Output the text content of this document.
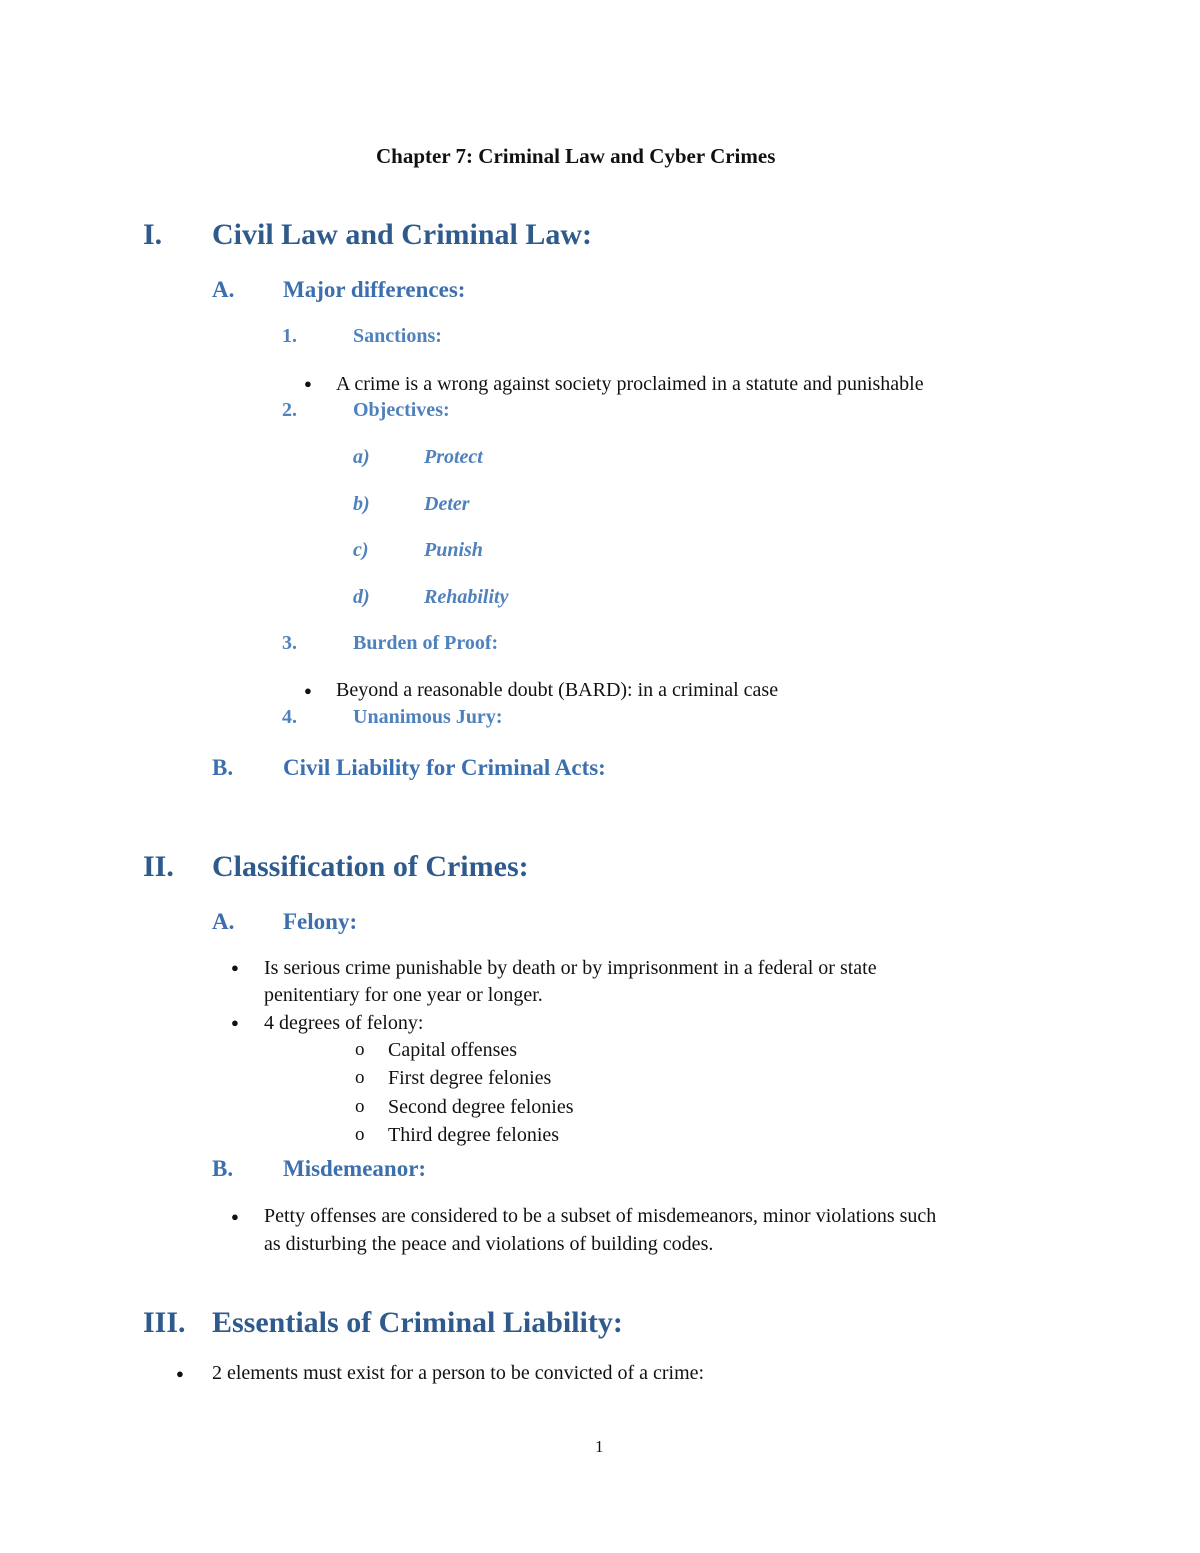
Chapter 7: Criminal Law and Cyber Crimes
I. Civil Law and Criminal Law:
A. Major differences:
1.	Sanctions:
● A crime is a wrong against society proclaimed in a statute and punishable
2.	Objectives:
a)	Protect
b)	Deter
c)	Punish
d)	Rehability
3.	Burden of Proof:
● Beyond a reasonable doubt (BARD): in a criminal case
4.	Unanimous Jury:
B. Civil Liability for Criminal Acts:
II. Classification of Crimes:
A. Felony:
● Is serious crime punishable by death or by imprisonment in a federal or state
penitentiary for one year or longer.
● 4 degrees of felony:
o Capital offenses
o First degree felonies
o Second degree felonies
o Third degree felonies
B. Misdemeanor:
● Petty offenses are considered to be a subset of misdemeanors, minor violations such
as disturbing the peace and violations of building codes.
III. Essentials of Criminal Liability:
● 2 elements must exist for a person to be convicted of a crime:
1
